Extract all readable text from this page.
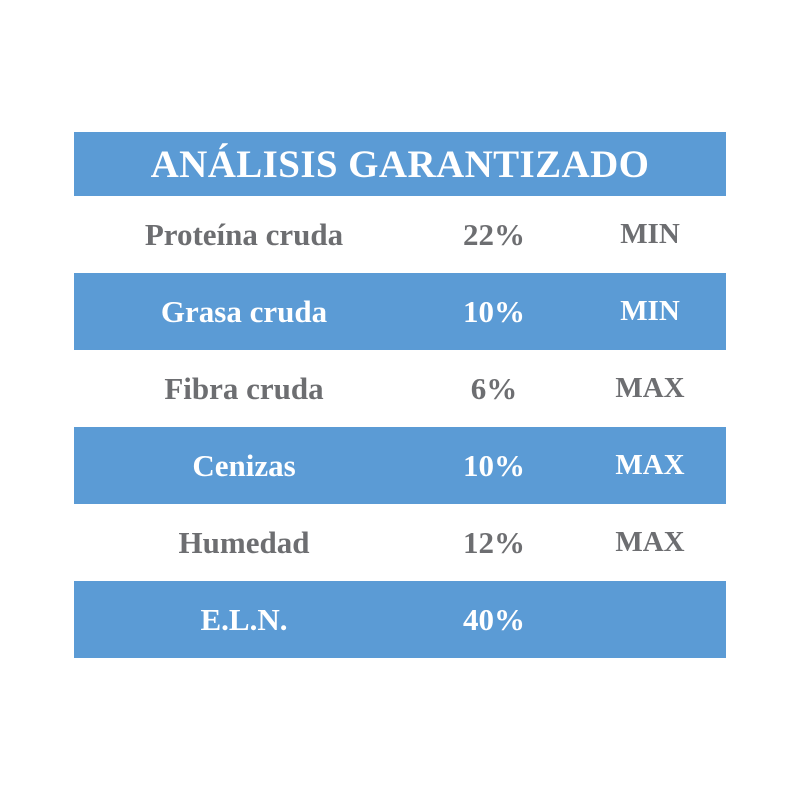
ANÁLISIS GARANTIZADO
Proteína cruda	22%	MIN
Grasa cruda	10%	MIN
Fibra cruda	6%	MAX
Cenizas	10%	MAX
Humedad	12%	MAX
E.L.N.	40%
